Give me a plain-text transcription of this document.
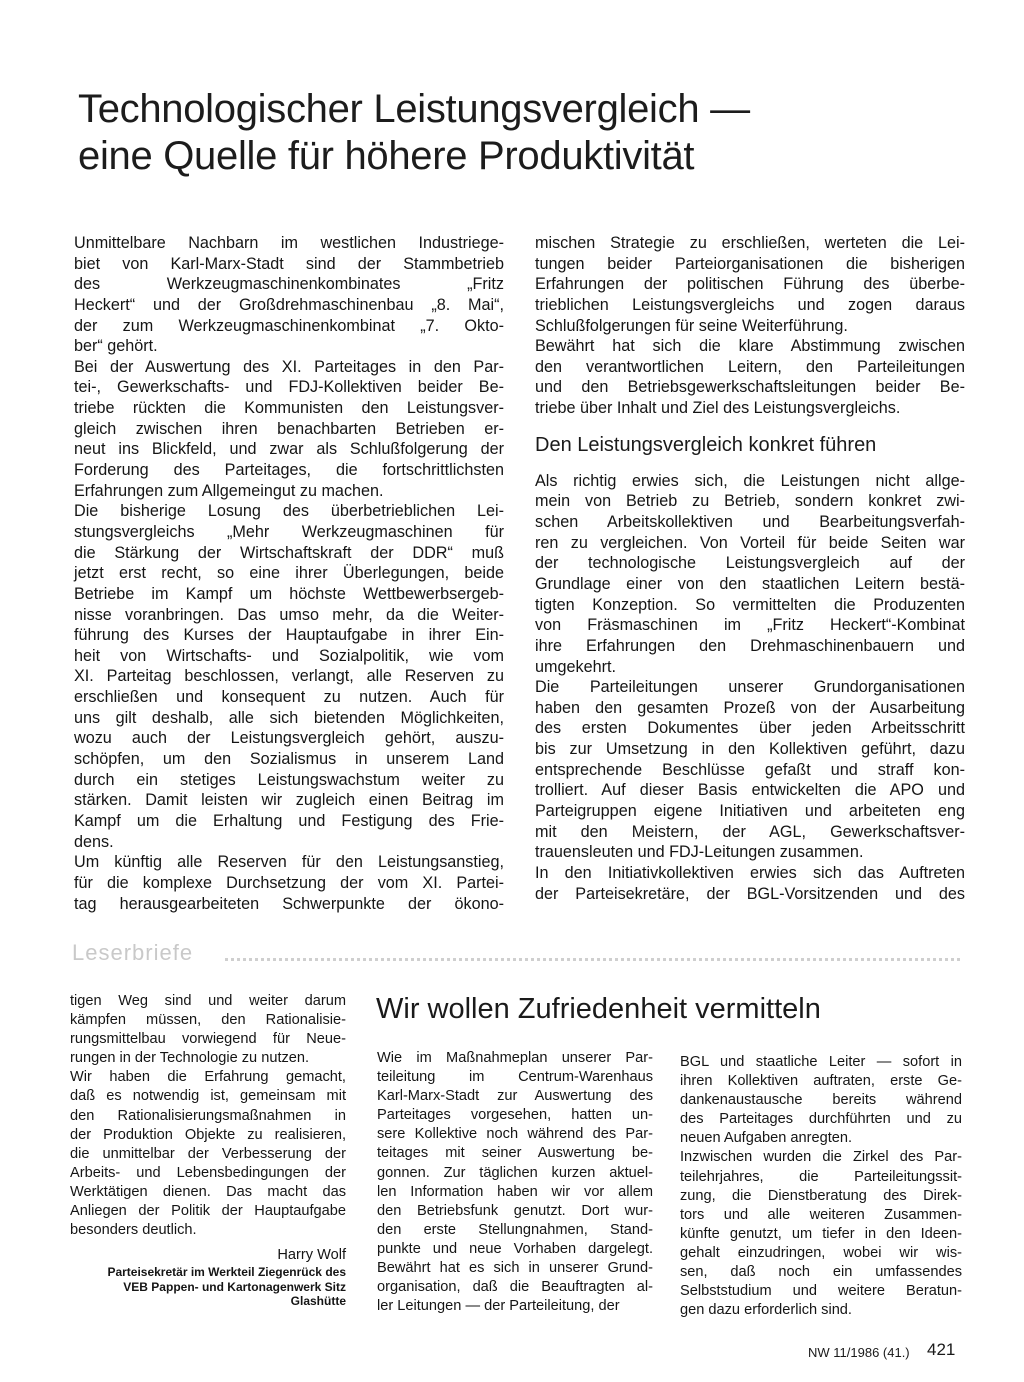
Technologischer Leistungsvergleich —
eine Quelle für höhere Produktivität
Unmittelbare Nachbarn im westlichen Industriege-
biet von Karl-Marx-Stadt sind der Stammbetrieb
des Werkzeugmaschinenkombinates „Fritz
Heckert“ und der Großdrehmaschinenbau „8. Mai“,
der zum Werkzeugmaschinenkombinat „7. Okto-
ber“ gehört.
Bei der Auswertung des XI. Parteitages in den Par-
tei-, Gewerkschafts- und FDJ-Kollektiven beider Be-
triebe rückten die Kommunisten den Leistungsver-
gleich zwischen ihren benachbarten Betrieben er-
neut ins Blickfeld, und zwar als Schlußfolgerung der
Forderung des Parteitages, die fortschrittlichsten
Erfahrungen zum Allgemeingut zu machen.
Die bisherige Losung des überbetrieblichen Lei-
stungsvergleichs „Mehr Werkzeugmaschinen für
die Stärkung der Wirtschaftskraft der DDR“ muß
jetzt erst recht, so eine ihrer Überlegungen, beide
Betriebe im Kampf um höchste Wettbewerbsergeb-
nisse voranbringen. Das umso mehr, da die Weiter-
führung des Kurses der Hauptaufgabe in ihrer Ein-
heit von Wirtschafts- und Sozialpolitik, wie vom
XI. Parteitag beschlossen, verlangt, alle Reserven zu
erschließen und konsequent zu nutzen. Auch für
uns gilt deshalb, alle sich bietenden Möglichkeiten,
wozu auch der Leistungsvergleich gehört, auszu-
schöpfen, um den Sozialismus in unserem Land
durch ein stetiges Leistungswachstum weiter zu
stärken. Damit leisten wir zugleich einen Beitrag im
Kampf um die Erhaltung und Festigung des Frie-
dens.
Um künftig alle Reserven für den Leistungsanstieg,
für die komplexe Durchsetzung der vom XI. Partei-
tag herausgearbeiteten Schwerpunkte der ökono-
mischen Strategie zu erschließen, werteten die Lei-
tungen beider Parteiorganisationen die bisherigen
Erfahrungen der politischen Führung des überbe-
trieblichen Leistungsvergleichs und zogen daraus
Schlußfolgerungen für seine Weiterführung.
Bewährt hat sich die klare Abstimmung zwischen
den verantwortlichen Leitern, den Parteileitungen
und den Betriebsgewerkschaftsleitungen beider Be-
triebe über Inhalt und Ziel des Leistungsvergleichs.
Den Leistungsvergleich konkret führen
Als richtig erwies sich, die Leistungen nicht allge-
mein von Betrieb zu Betrieb, sondern konkret zwi-
schen Arbeitskollektiven und Bearbeitungsverfah-
ren zu vergleichen. Von Vorteil für beide Seiten war
der technologische Leistungsvergleich auf der
Grundlage einer von den staatlichen Leitern bestä-
tigten Konzeption. So vermittelten die Produzenten
von Fräsmaschinen im „Fritz Heckert“-Kombinat
ihre Erfahrungen den Drehmaschinenbauern und
umgekehrt.
Die Parteileitungen unserer Grundorganisationen
haben den gesamten Prozeß von der Ausarbeitung
des ersten Dokumentes über jeden Arbeitsschritt
bis zur Umsetzung in den Kollektiven geführt, dazu
entsprechende Beschlüsse gefaßt und straff kon-
trolliert. Auf dieser Basis entwickelten die APO und
Parteigruppen eigene Initiativen und arbeiteten eng
mit den Meistern, der AGL, Gewerkschaftsver-
trauensleuten und FDJ-Leitungen zusammen.
In den Initiativkollektiven erwies sich das Auftreten
der Parteisekretäre, der BGL-Vorsitzenden und des
Leserbriefe
tigen Weg sind und weiter darum
kämpfen müssen, den Rationalisie-
rungsmittelbau vorwiegend für Neue-
rungen in der Technologie zu nutzen.
Wir haben die Erfahrung gemacht,
daß es notwendig ist, gemeinsam mit
den Rationalisierungsmaßnahmen in
der Produktion Objekte zu realisieren,
die unmittelbar der Verbesserung der
Arbeits- und Lebensbedingungen der
Werktätigen dienen. Das macht das
Anliegen der Politik der Hauptaufgabe
besonders deutlich.
Harry Wolf
Parteisekretär im Werkteil Ziegenrück des
VEB Pappen- und Kartonagenwerk Sitz
Glashütte
Wir wollen Zufriedenheit vermitteln
Wie im Maßnahmeplan unserer Par-
teileitung im Centrum-Warenhaus
Karl-Marx-Stadt zur Auswertung des
Parteitages vorgesehen, hatten un-
sere Kollektive noch während des Par-
teitages mit seiner Auswertung be-
gonnen. Zur täglichen kurzen aktuel-
len Information haben wir vor allem
den Betriebsfunk genutzt. Dort wur-
den erste Stellungnahmen, Stand-
punkte und neue Vorhaben dargelegt.
Bewährt hat es sich in unserer Grund-
organisation, daß die Beauftragten al-
ler Leitungen — der Parteileitung, der
BGL und staatliche Leiter — sofort in
ihren Kollektiven auftraten, erste Ge-
dankenaustausche bereits während
des Parteitages durchführten und zu
neuen Aufgaben anregten.
Inzwischen wurden die Zirkel des Par-
teilehrjahres, die Parteileitungssit-
zung, die Dienstberatung des Direk-
tors und alle weiteren Zusammen-
künfte genutzt, um tiefer in den Ideen-
gehalt einzudringen, wobei wir wis-
sen, daß noch ein umfassendes
Selbststudium und weitere Beratun-
gen dazu erforderlich sind.
NW 11/1986 (41.) 421
